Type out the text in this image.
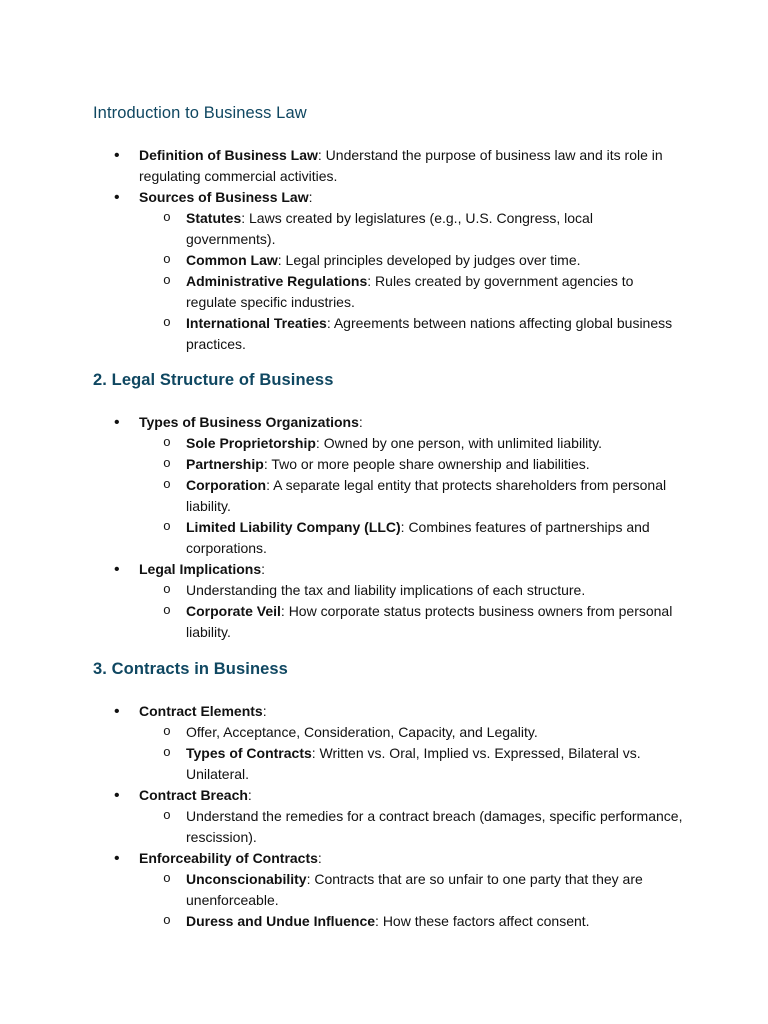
Introduction to Business Law
• Definition of Business Law: Understand the purpose of business law and its role in regulating commercial activities.
• Sources of Business Law:
o Statutes: Laws created by legislatures (e.g., U.S. Congress, local governments).
o Common Law: Legal principles developed by judges over time.
o Administrative Regulations: Rules created by government agencies to regulate specific industries.
o International Treaties: Agreements between nations affecting global business practices.
2. Legal Structure of Business
• Types of Business Organizations:
o Sole Proprietorship: Owned by one person, with unlimited liability.
o Partnership: Two or more people share ownership and liabilities.
o Corporation: A separate legal entity that protects shareholders from personal liability.
o Limited Liability Company (LLC): Combines features of partnerships and corporations.
• Legal Implications:
o Understanding the tax and liability implications of each structure.
o Corporate Veil: How corporate status protects business owners from personal liability.
3. Contracts in Business
• Contract Elements:
o Offer, Acceptance, Consideration, Capacity, and Legality.
o Types of Contracts: Written vs. Oral, Implied vs. Expressed, Bilateral vs. Unilateral.
• Contract Breach:
o Understand the remedies for a contract breach (damages, specific performance, rescission).
• Enforceability of Contracts:
o Unconscionability: Contracts that are so unfair to one party that they are unenforceable.
o Duress and Undue Influence: How these factors affect consent.
